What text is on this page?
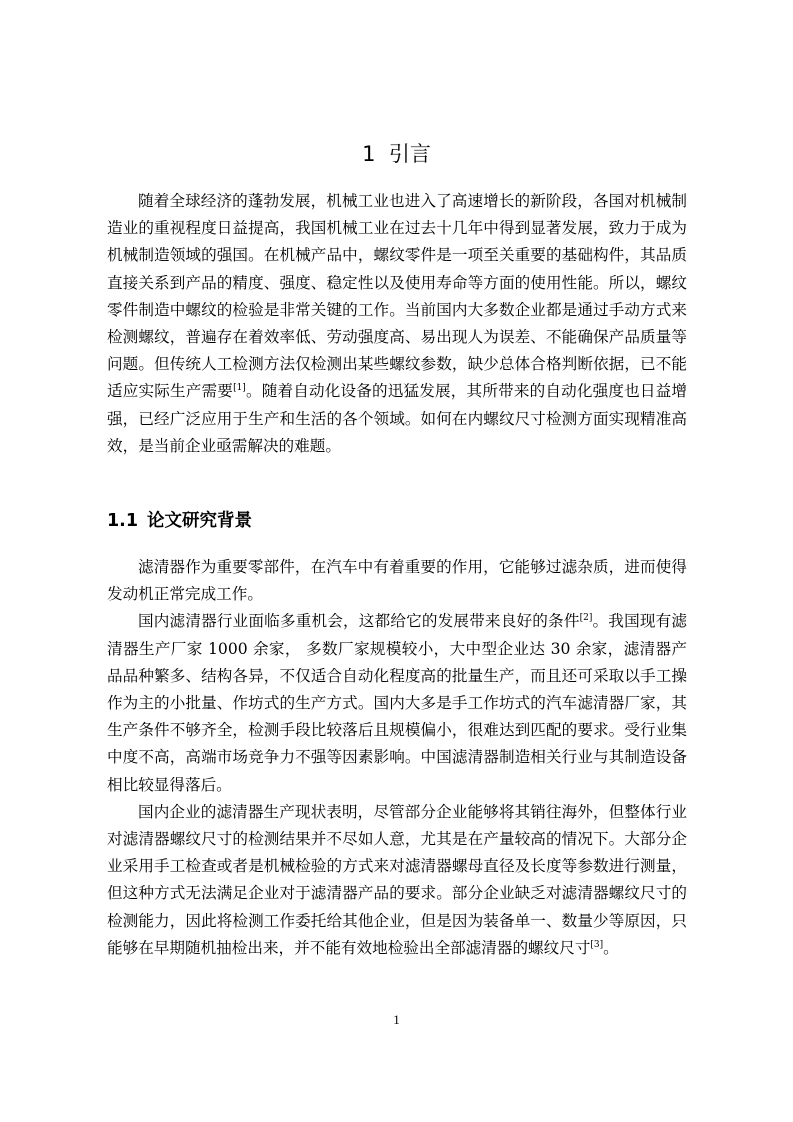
1 引言

随着全球经济的蓬勃发展，机械工业也进入了高速增长的新阶段，各国对机械制造业的重视程度日益提高，我国机械工业在过去十几年中得到显著发展，致力于成为机械制造领域的强国。在机械产品中，螺纹零件是一项至关重要的基础构件，其品质直接关系到产品的精度、强度、稳定性以及使用寿命等方面的使用性能。所以，螺纹零件制造中螺纹的检验是非常关键的工作。当前国内大多数企业都是通过手动方式来检测螺纹，普遍存在着效率低、劳动强度高、易出现人为误差、不能确保产品质量等问题。但传统人工检测方法仅检测出某些螺纹参数，缺少总体合格判断依据，已不能适应实际生产需要[1]。随着自动化设备的迅猛发展，其所带来的自动化强度也日益增强，已经广泛应用于生产和生活的各个领域。如何在内螺纹尺寸检测方面实现精准高效，是当前企业亟需解决的难题。

1.1 论文研究背景

滤清器作为重要零部件，在汽车中有着重要的作用，它能够过滤杂质，进而使得发动机正常完成工作。

国内滤清器行业面临多重机会，这都给它的发展带来良好的条件[2]。我国现有滤清器生产厂家 1000 余家， 多数厂家规模较小，大中型企业达 30 余家，滤清器产品品种繁多、结构各异，不仅适合自动化程度高的批量生产，而且还可采取以手工操作为主的小批量、作坊式的生产方式。国内大多是手工作坊式的汽车滤清器厂家，其生产条件不够齐全，检测手段比较落后且规模偏小，很难达到匹配的要求。受行业集中度不高，高端市场竞争力不强等因素影响。中国滤清器制造相关行业与其制造设备相比较显得落后。

国内企业的滤清器生产现状表明，尽管部分企业能够将其销往海外，但整体行业对滤清器螺纹尺寸的检测结果并不尽如人意，尤其是在产量较高的情况下。大部分企业采用手工检查或者是机械检验的方式来对滤清器螺母直径及长度等参数进行测量，但这种方式无法满足企业对于滤清器产品的要求。部分企业缺乏对滤清器螺纹尺寸的检测能力，因此将检测工作委托给其他企业，但是因为装备单一、数量少等原因，只能够在早期随机抽检出来，并不能有效地检验出全部滤清器的螺纹尺寸[3]。

1
